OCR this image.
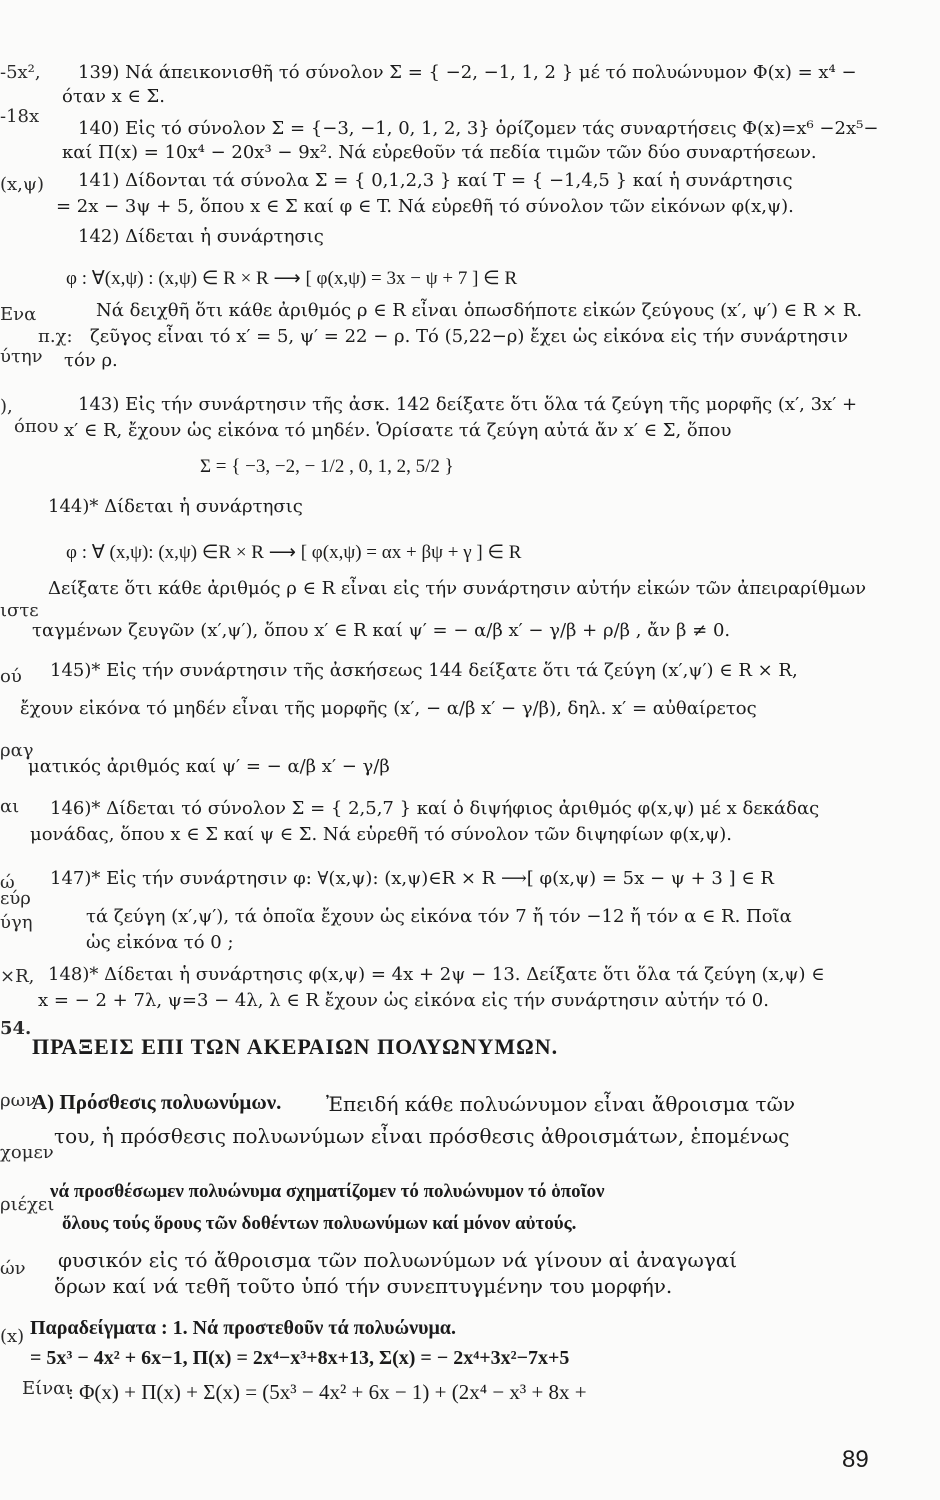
-5x²,
-18x
(x,ψ)
Ενα
π.χ:
ύτην
),
όπου
ιστε
ού
ραγ
αι
ώ
εύρ
ύγη
×R,
54.
ρων
χομεν
ριέχει
ών
(x)
Είναι
139) Νά άπεικονισθῆ τό σύνολον Σ = { −2, −1, 1, 2 } μέ τό πολυώνυμον Φ(x) = x⁴ −
όταν x ∈ Σ.
140) Εἰς τό σύνολον Σ = {−3, −1, 0, 1, 2, 3} ὁρίζομεν τάς συναρτήσεις Φ(x)=x⁶ −2x⁵−
καί Π(x) = 10x⁴ − 20x³ − 9x². Νά εὑρεθοῦν τά πεδία τιμῶν τῶν δύο συναρτήσεων.
141) Δίδονται τά σύνολα Σ = { 0,1,2,3 } καί T = { −1,4,5 } καί ἡ συνάρτησις
= 2x − 3ψ + 5, ὅπου x ∈ Σ καί φ ∈ T. Νά εὑρεθῆ τό σύνολον τῶν εἰκόνων φ(x,ψ).
142) Δίδεται ἡ συνάρτησις
φ : ∀(x,ψ) : (x,ψ) ∈ R × R ⟶ [ φ(x,ψ) = 3x − ψ + 7 ] ∈ R
Νά δειχθῆ ὅτι κάθε ἀριθμός ρ ∈ R εἶναι ὁπωσδήποτε εἰκών ζεύγους (x′, ψ′) ∈ R × R.
ζεῦγος εἶναι τό x′ = 5, ψ′ = 22 − ρ. Τό (5,22−ρ) ἔχει ὡς εἰκόνα εἰς τήν συνάρτησιν
τόν ρ.
143) Εἰς τήν συνάρτησιν τῆς ἀσκ. 142 δείξατε ὅτι ὅλα τά ζεύγη τῆς μορφῆς (x′, 3x′ +
x′ ∈ R, ἔχουν ὡς εἰκόνα τό μηδέν. Ὁρίσατε τά ζεύγη αὐτά ἄν x′ ∈ Σ, ὅπου
Σ = { −3, −2, − 1/2 , 0, 1, 2, 5/2 }
144)* Δίδεται ἡ συνάρτησις
φ : ∀ (x,ψ): (x,ψ) ∈R × R ⟶ [ φ(x,ψ) = αx + βψ + γ ] ∈ R
Δείξατε ὅτι κάθε ἀριθμός ρ ∈ R εἶναι εἰς τήν συνάρτησιν αὐτήν εἰκών τῶν ἀπειραρίθμων
ταγμένων ζευγῶν (x′,ψ′), ὅπου x′ ∈ R καί ψ′ = − α/β x′ − γ/β + ρ/β , ἄν β ≠ 0.
145)* Εἰς τήν συνάρτησιν τῆς ἀσκήσεως 144 δείξατε ὅτι τά ζεύγη (x′,ψ′) ∈ R × R,
ἔχουν εἰκόνα τό μηδέν εἶναι τῆς μορφῆς (x′, − α/β x′ − γ/β), δηλ. x′ = αὐθαίρετος
ματικός ἀριθμός καί ψ′ = − α/β x′ − γ/β
146)* Δίδεται τό σύνολον Σ = { 2,5,7 } καί ὁ διψήφιος ἀριθμός φ(x,ψ) μέ x δεκάδας
μονάδας, ὅπου x ∈ Σ καί ψ ∈ Σ. Νά εὑρεθῆ τό σύνολον τῶν διψηφίων φ(x,ψ).
147)* Εἰς τήν συνάρτησιν φ: ∀(x,ψ): (x,ψ)∈R × R ⟶[ φ(x,ψ) = 5x − ψ + 3 ] ∈ R
τά ζεύγη (x′,ψ′), τά ὁποῖα ἔχουν ὡς εἰκόνα τόν 7 ἤ τόν −12 ἤ τόν α ∈ R. Ποῖα
ὡς εἰκόνα τό 0 ;
148)* Δίδεται ἡ συνάρτησις φ(x,ψ) = 4x + 2ψ − 13. Δείξατε ὅτι ὅλα τά ζεύγη (x,ψ) ∈
x = − 2 + 7λ, ψ=3 − 4λ, λ ∈ R ἔχουν ὡς εἰκόνα εἰς τήν συνάρτησιν αὐτήν τό 0.
ΠΡΑΞΕΙΣ ΕΠΙ ΤΩΝ ΑΚΕΡΑΙΩΝ ΠΟΛΥΩΝΥΜΩΝ.
Α) Πρόσθεσις πολυωνύμων. Ἐπειδή κάθε πολυώνυμον εἶναι ἄθροισμα τῶν
του, ἡ πρόσθεσις πολυωνύμων εἶναι πρόσθεσις ἀθροισμάτων, ἑπομένως
νά προσθέσωμεν πολυώνυμα σχηματίζομεν τό πολυώνυμον τό ὁποῖον
ὅλους τούς ὅρους τῶν δοθέντων πολυωνύμων καί μόνον αὐτούς.
φυσικόν εἰς τό ἄθροισμα τῶν πολυωνύμων νά γίνουν αἱ ἀναγωγαί
ὅρων καί νά τεθῆ τοῦτο ὑπό τήν συνεπτυγμένην του μορφήν.
Παραδείγματα : 1. Νά προστεθοῦν τά πολυώνυμα.
= 5x³ − 4x² + 6x−1, Π(x) = 2x⁴−x³+8x+13, Σ(x) = − 2x⁴+3x²−7x+5
: Φ(x) + Π(x) + Σ(x) = (5x³ − 4x² + 6x − 1) + (2x⁴ − x³ + 8x +
89
